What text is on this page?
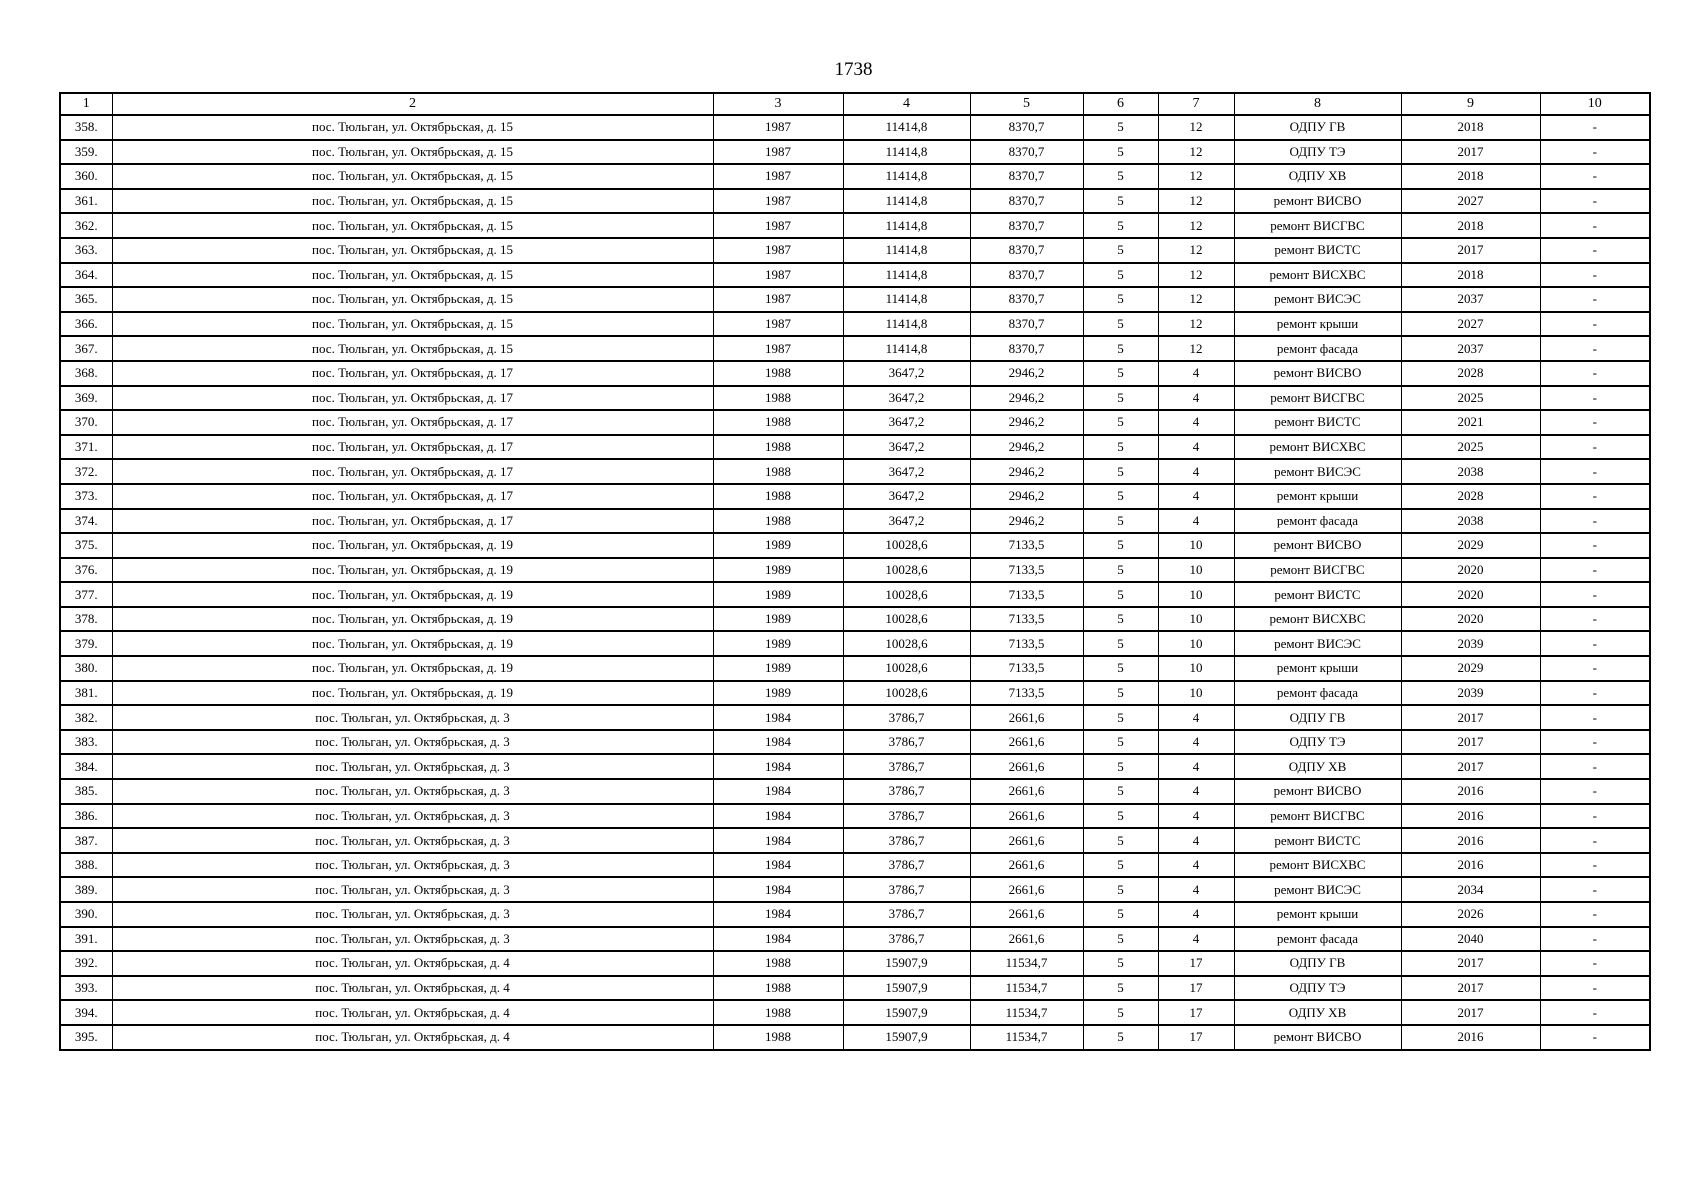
1738
1	2	3	4	5	6	7	8	9	10
358.	пос. Тюльган, ул. Октябрьская, д. 15	1987	11414,8	8370,7	5	12	ОДПУ ГВ	2018	-
359.	пос. Тюльган, ул. Октябрьская, д. 15	1987	11414,8	8370,7	5	12	ОДПУ ТЭ	2017	-
360.	пос. Тюльган, ул. Октябрьская, д. 15	1987	11414,8	8370,7	5	12	ОДПУ ХВ	2018	-
361.	пос. Тюльган, ул. Октябрьская, д. 15	1987	11414,8	8370,7	5	12	ремонт ВИСВО	2027	-
362.	пос. Тюльган, ул. Октябрьская, д. 15	1987	11414,8	8370,7	5	12	ремонт ВИСГВС	2018	-
363.	пос. Тюльган, ул. Октябрьская, д. 15	1987	11414,8	8370,7	5	12	ремонт ВИСТС	2017	-
364.	пос. Тюльган, ул. Октябрьская, д. 15	1987	11414,8	8370,7	5	12	ремонт ВИСХВС	2018	-
365.	пос. Тюльган, ул. Октябрьская, д. 15	1987	11414,8	8370,7	5	12	ремонт ВИСЭС	2037	-
366.	пос. Тюльган, ул. Октябрьская, д. 15	1987	11414,8	8370,7	5	12	ремонт крыши	2027	-
367.	пос. Тюльган, ул. Октябрьская, д. 15	1987	11414,8	8370,7	5	12	ремонт фасада	2037	-
368.	пос. Тюльган, ул. Октябрьская, д. 17	1988	3647,2	2946,2	5	4	ремонт ВИСВО	2028	-
369.	пос. Тюльган, ул. Октябрьская, д. 17	1988	3647,2	2946,2	5	4	ремонт ВИСГВС	2025	-
370.	пос. Тюльган, ул. Октябрьская, д. 17	1988	3647,2	2946,2	5	4	ремонт ВИСТС	2021	-
371.	пос. Тюльган, ул. Октябрьская, д. 17	1988	3647,2	2946,2	5	4	ремонт ВИСХВС	2025	-
372.	пос. Тюльган, ул. Октябрьская, д. 17	1988	3647,2	2946,2	5	4	ремонт ВИСЭС	2038	-
373.	пос. Тюльган, ул. Октябрьская, д. 17	1988	3647,2	2946,2	5	4	ремонт крыши	2028	-
374.	пос. Тюльган, ул. Октябрьская, д. 17	1988	3647,2	2946,2	5	4	ремонт фасада	2038	-
375.	пос. Тюльган, ул. Октябрьская, д. 19	1989	10028,6	7133,5	5	10	ремонт ВИСВО	2029	-
376.	пос. Тюльган, ул. Октябрьская, д. 19	1989	10028,6	7133,5	5	10	ремонт ВИСГВС	2020	-
377.	пос. Тюльган, ул. Октябрьская, д. 19	1989	10028,6	7133,5	5	10	ремонт ВИСТС	2020	-
378.	пос. Тюльган, ул. Октябрьская, д. 19	1989	10028,6	7133,5	5	10	ремонт ВИСХВС	2020	-
379.	пос. Тюльган, ул. Октябрьская, д. 19	1989	10028,6	7133,5	5	10	ремонт ВИСЭС	2039	-
380.	пос. Тюльган, ул. Октябрьская, д. 19	1989	10028,6	7133,5	5	10	ремонт крыши	2029	-
381.	пос. Тюльган, ул. Октябрьская, д. 19	1989	10028,6	7133,5	5	10	ремонт фасада	2039	-
382.	пос. Тюльган, ул. Октябрьская, д. 3	1984	3786,7	2661,6	5	4	ОДПУ ГВ	2017	-
383.	пос. Тюльган, ул. Октябрьская, д. 3	1984	3786,7	2661,6	5	4	ОДПУ ТЭ	2017	-
384.	пос. Тюльган, ул. Октябрьская, д. 3	1984	3786,7	2661,6	5	4	ОДПУ ХВ	2017	-
385.	пос. Тюльган, ул. Октябрьская, д. 3	1984	3786,7	2661,6	5	4	ремонт ВИСВО	2016	-
386.	пос. Тюльган, ул. Октябрьская, д. 3	1984	3786,7	2661,6	5	4	ремонт ВИСГВС	2016	-
387.	пос. Тюльган, ул. Октябрьская, д. 3	1984	3786,7	2661,6	5	4	ремонт ВИСТС	2016	-
388.	пос. Тюльган, ул. Октябрьская, д. 3	1984	3786,7	2661,6	5	4	ремонт ВИСХВС	2016	-
389.	пос. Тюльган, ул. Октябрьская, д. 3	1984	3786,7	2661,6	5	4	ремонт ВИСЭС	2034	-
390.	пос. Тюльган, ул. Октябрьская, д. 3	1984	3786,7	2661,6	5	4	ремонт крыши	2026	-
391.	пос. Тюльган, ул. Октябрьская, д. 3	1984	3786,7	2661,6	5	4	ремонт фасада	2040	-
392.	пос. Тюльган, ул. Октябрьская, д. 4	1988	15907,9	11534,7	5	17	ОДПУ ГВ	2017	-
393.	пос. Тюльган, ул. Октябрьская, д. 4	1988	15907,9	11534,7	5	17	ОДПУ ТЭ	2017	-
394.	пос. Тюльган, ул. Октябрьская, д. 4	1988	15907,9	11534,7	5	17	ОДПУ ХВ	2017	-
395.	пос. Тюльган, ул. Октябрьская, д. 4	1988	15907,9	11534,7	5	17	ремонт ВИСВО	2016	-
